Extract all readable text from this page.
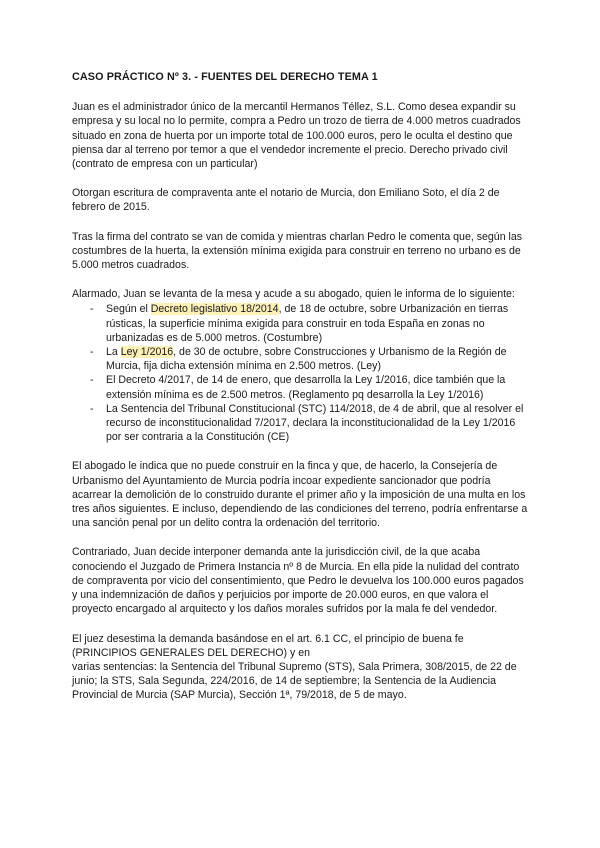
CASO PRÁCTICO Nº 3. - FUENTES DEL DERECHO TEMA 1

Juan es el administrador único de la mercantil Hermanos Téllez, S.L. Como desea expandir su empresa y su local no lo permite, compra a Pedro un trozo de tierra de 4.000 metros cuadrados situado en zona de huerta por un importe total de 100.000 euros, pero le oculta el destino que piensa dar al terreno por temor a que el vendedor incremente el precio. Derecho privado civil (contrato de empresa con un particular)

Otorgan escritura de compraventa ante el notario de Murcia, don Emiliano Soto, el día 2 de febrero de 2015.

Tras la firma del contrato se van de comida y mientras charlan Pedro le comenta que, según las costumbres de la huerta, la extensión mínima exigida para construir en terreno no urbano es de 5.000 metros cuadrados.

Alarmado, Juan se levanta de la mesa y acude a su abogado, quien le informa de lo siguiente:

- Según el Decreto legislativo 18/2014, de 18 de octubre, sobre Urbanización en tierras rústicas, la superficie mínima exigida para construir en toda España en zonas no urbanizadas es de 5.000 metros. (Costumbre)
- La Ley 1/2016, de 30 de octubre, sobre Construcciones y Urbanismo de la Región de Murcia, fija dicha extensión mínima en 2.500 metros. (Ley)
- El Decreto 4/2017, de 14 de enero, que desarrolla la Ley 1/2016, dice también que la extensión mínima es de 2.500 metros. (Reglamento pq desarrolla la Ley 1/2016)
- La Sentencia del Tribunal Constitucional (STC) 114/2018, de 4 de abril, que al resolver el recurso de inconstitucionalidad 7/2017, declara la inconstitucionalidad de la Ley 1/2016 por ser contraria a la Constitución (CE)

El abogado le indica que no puede construir en la finca y que, de hacerlo, la Consejería de Urbanismo del Ayuntamiento de Murcia podría incoar expediente sancionador que podría acarrear la demolición de lo construido durante el primer año y la imposición de una multa en los tres años siguientes. E incluso, dependiendo de las condiciones del terreno, podría enfrentarse a una sanción penal por un delito contra la ordenación del territorio.

Contrariado, Juan decide interponer demanda ante la jurisdicción civil, de la que acaba conociendo el Juzgado de Primera Instancia nº 8 de Murcia. En ella pide la nulidad del contrato de compraventa por vicio del consentimiento, que Pedro le devuelva los 100.000 euros pagados y una indemnización de daños y perjuicios por importe de 20.000 euros, en que valora el proyecto encargado al arquitecto y los daños morales sufridos por la mala fe del vendedor.

El juez desestima la demanda basándose en el art. 6.1 CC, el principio de buena fe
(PRINCIPIOS GENERALES DEL DERECHO) y en
varias sentencias: la Sentencia del Tribunal Supremo (STS), Sala Primera, 308/2015, de 22 de junio; la STS, Sala Segunda, 224/2016, de 14 de septiembre; la Sentencia de la Audiencia Provincial de Murcia (SAP Murcia), Sección 1ª, 79/2018, de 5 de mayo.
